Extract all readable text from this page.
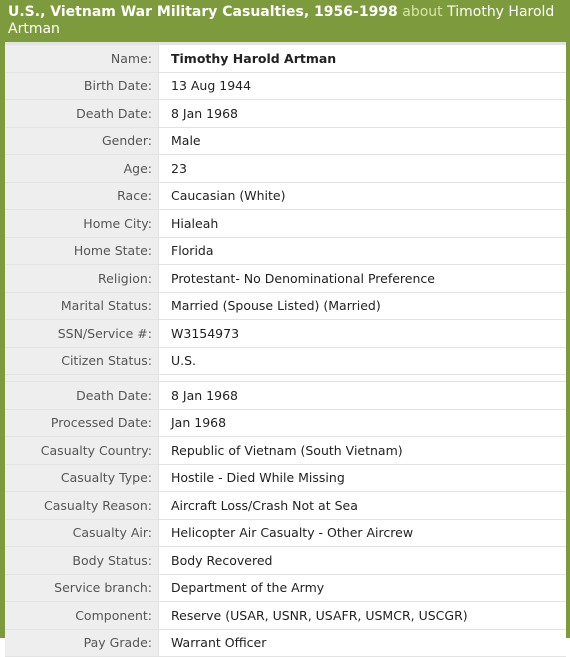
U.S., Vietnam War Military Casualties, 1956-1998 about Timothy Harold Artman
Name:	Timothy Harold Artman
Birth Date:	13 Aug 1944
Death Date:	8 Jan 1968
Gender:	Male
Age:	23
Race:	Caucasian (White)
Home City:	Hialeah
Home State:	Florida
Religion:	Protestant- No Denominational Preference
Marital Status:	Married (Spouse Listed) (Married)
SSN/Service #:	W3154973
Citizen Status:	U.S.

Death Date:	8 Jan 1968
Processed Date:	Jan 1968
Casualty Country:	Republic of Vietnam (South Vietnam)
Casualty Type:	Hostile - Died While Missing
Casualty Reason:	Aircraft Loss/Crash Not at Sea
Casualty Air:	Helicopter Air Casualty - Other Aircrew
Body Status:	Body Recovered
Service branch:	Department of the Army
Component:	Reserve (USAR, USNR, USAFR, USMCR, USCGR)
Pay Grade:	Warrant Officer
